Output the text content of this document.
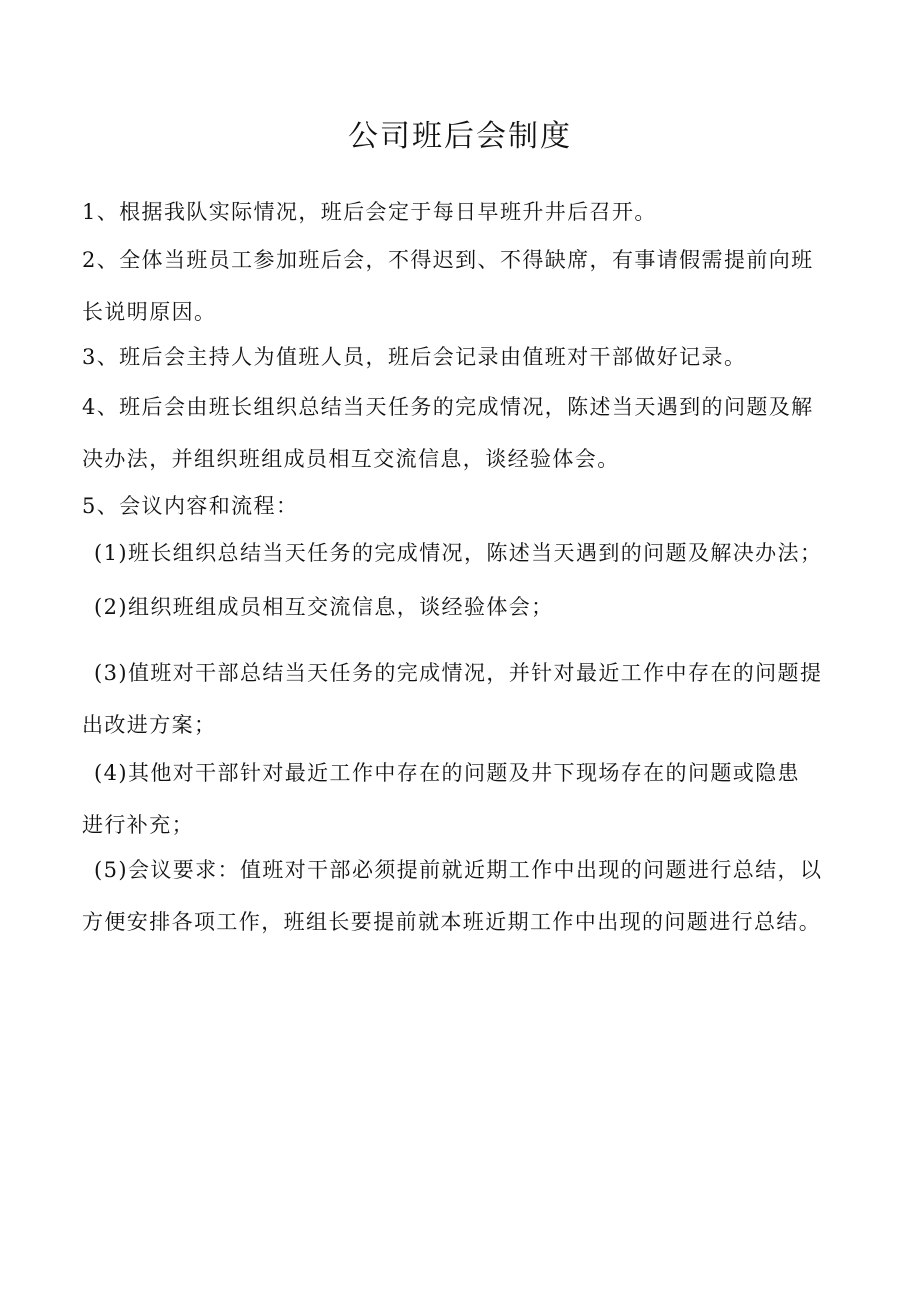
公司班后会制度
1、根据我队实际情况，班后会定于每日早班升井后召开。
2、全体当班员工参加班后会，不得迟到、不得缺席，有事请假需提前向班
长说明原因。
3、班后会主持人为值班人员，班后会记录由值班对干部做好记录。
4、班后会由班长组织总结当天任务的完成情况，陈述当天遇到的问题及解
决办法，并组织班组成员相互交流信息，谈经验体会。
5、会议内容和流程：
(1)班长组织总结当天任务的完成情况，陈述当天遇到的问题及解决办法；
(2)组织班组成员相互交流信息，谈经验体会；
(3)值班对干部总结当天任务的完成情况，并针对最近工作中存在的问题提
出改进方案；
(4)其他对干部针对最近工作中存在的问题及井下现场存在的问题或隐患
进行补充；
(5)会议要求：值班对干部必须提前就近期工作中出现的问题进行总结，以
方便安排各项工作，班组长要提前就本班近期工作中出现的问题进行总结。
